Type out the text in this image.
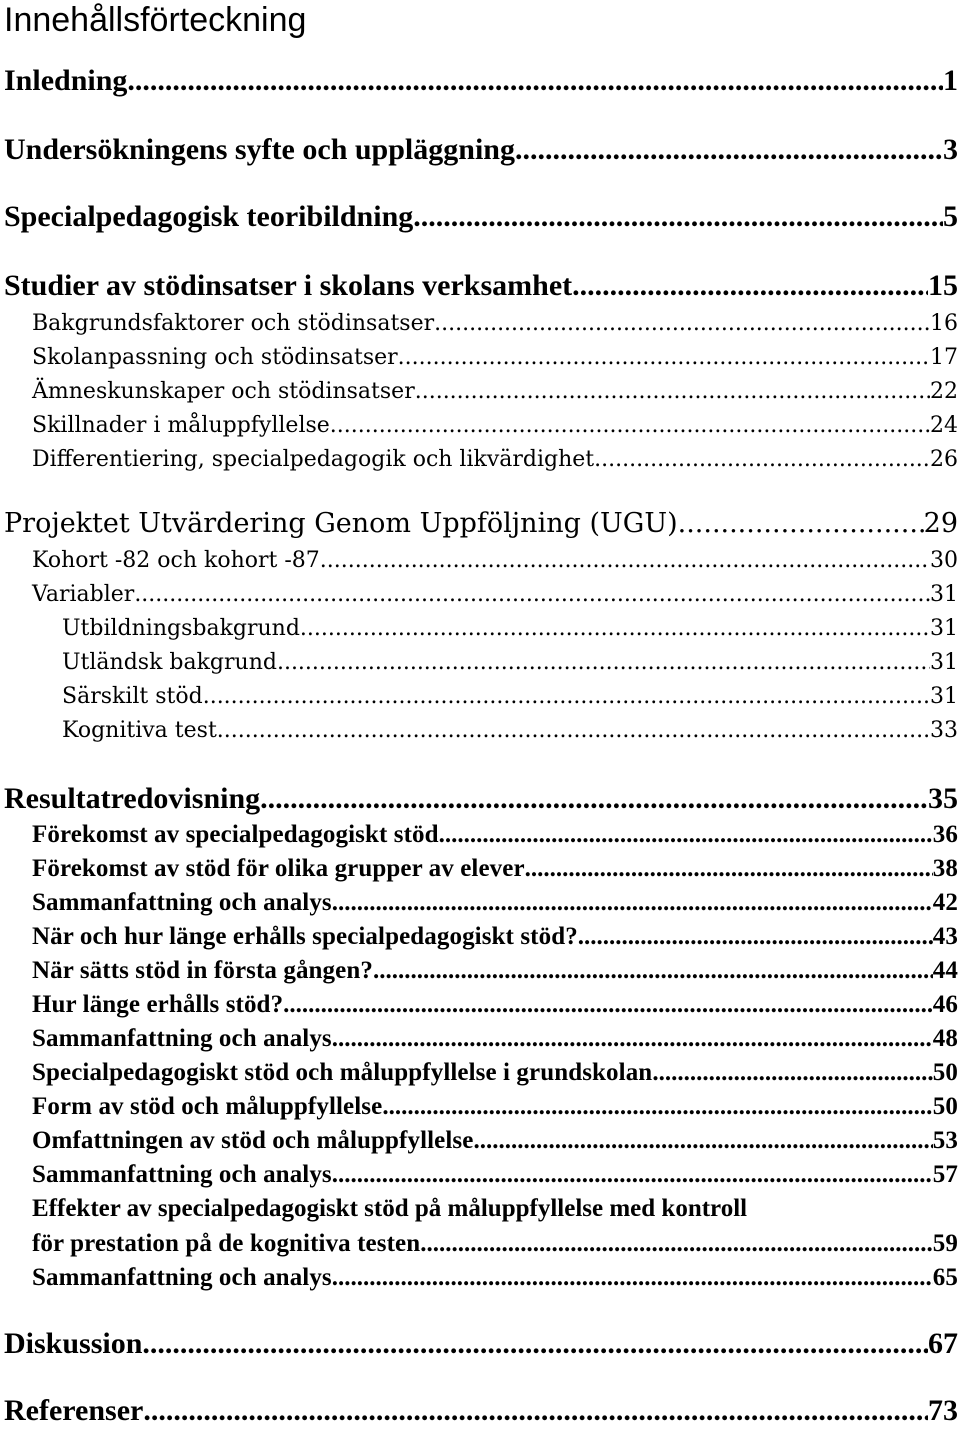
Innehållsförteckning
Inledning .....	1
Undersökningens syfte och uppläggning .....	3
Specialpedagogisk teoribildning .....	5
Studier av stödinsatser i skolans verksamhet .....	15
Bakgrundsfaktorer och stödinsatser .....	16
Skolanpassning och stödinsatser .....	17
Ämneskunskaper och stödinsatser .....	22
Skillnader i måluppfyllelse .....	24
Differentiering, specialpedagogik och likvärdighet .....	26
Projektet Utvärdering Genom Uppföljning (UGU) .....	29
Kohort -82 och kohort -87 .....	30
Variabler .....	31
Utbildningsbakgrund .....	31
Utländsk bakgrund .....	31
Särskilt stöd .....	31
Kognitiva test .....	33
Resultatredovisning .....	35
Förekomst av specialpedagogiskt stöd .....	36
Förekomst av stöd för olika grupper av elever .....	38
Sammanfattning och analys .....	42
När och hur länge erhålls specialpedagogiskt stöd? .....	43
När sätts stöd in första gången? .....	44
Hur länge erhålls stöd? .....	46
Sammanfattning och analys .....	48
Specialpedagogiskt stöd och måluppfyllelse i grundskolan .....	50
Form av stöd och måluppfyllelse .....	50
Omfattningen av stöd och måluppfyllelse .....	53
Sammanfattning och analys .....	57
Effekter av specialpedagogiskt stöd på måluppfyllelse med kontroll
för prestation på de kognitiva testen .....	59
Sammanfattning och analys .....	65
Diskussion .....	67
Referenser .....	73
